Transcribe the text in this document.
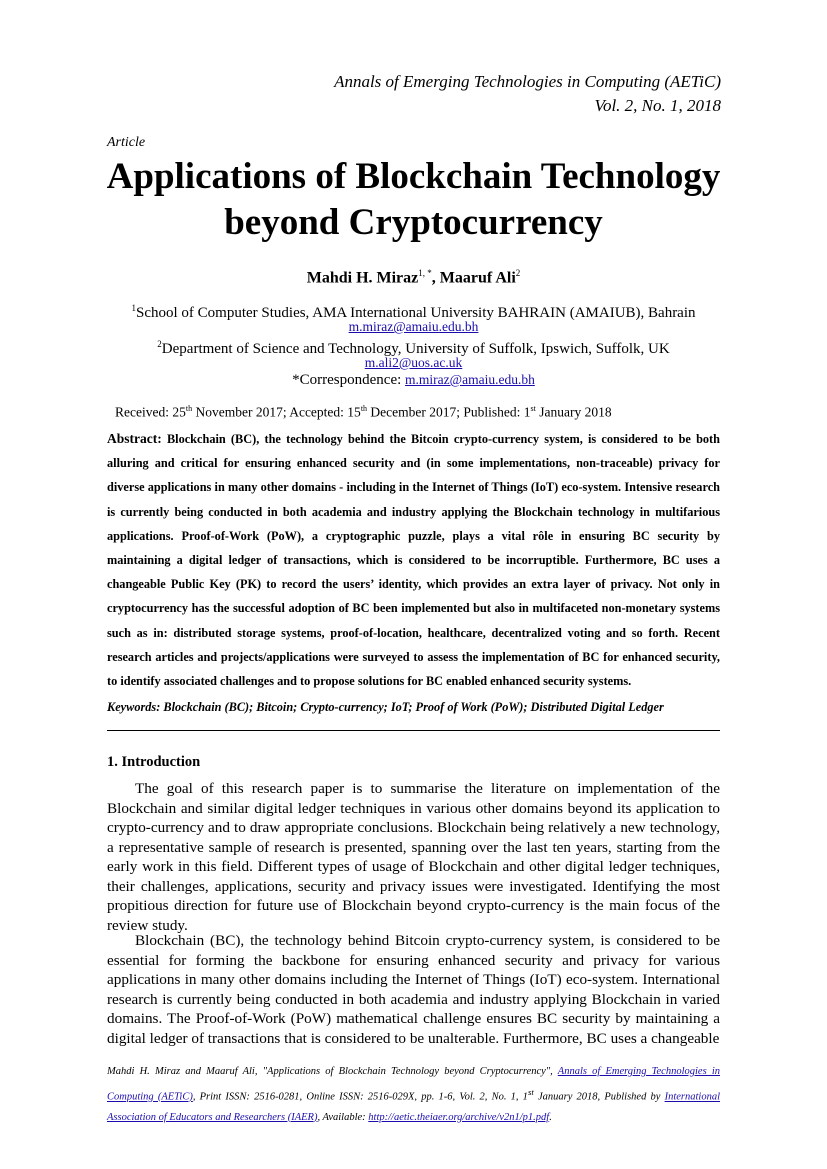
Annals of Emerging Technologies in Computing (AETiC)
Vol. 2, No. 1, 2018
Article
Applications of Blockchain Technology
beyond Cryptocurrency
Mahdi H. Miraz$^{1, *}$, Maaruf Ali$^2$
$^1$School of Computer Studies, AMA International University BAHRAIN (AMAIUB), Bahrain
m.miraz@amaiu.edu.bh
$^2$Department of Science and Technology, University of Suffolk, Ipswich, Suffolk, UK
m.ali2@uos.ac.uk
*Correspondence: m.miraz@amaiu.edu.bh
Received: 25th November 2017; Accepted: 15th December 2017; Published: 1st January 2018
Abstract: Blockchain (BC), the technology behind the Bitcoin crypto-currency system, is considered to be both alluring and critical for ensuring enhanced security and (in some implementations, non-traceable) privacy for diverse applications in many other domains - including in the Internet of Things (IoT) eco-system. Intensive research is currently being conducted in both academia and industry applying the Blockchain technology in multifarious applications. Proof-of-Work (PoW), a cryptographic puzzle, plays a vital rôle in ensuring BC security by maintaining a digital ledger of transactions, which is considered to be incorruptible. Furthermore, BC uses a changeable Public Key (PK) to record the users’ identity, which provides an extra layer of privacy. Not only in cryptocurrency has the successful adoption of BC been implemented but also in multifaceted non-monetary systems such as in: distributed storage systems, proof-of-location, healthcare, decentralized voting and so forth. Recent research articles and projects/applications were surveyed to assess the implementation of BC for enhanced security, to identify associated challenges and to propose solutions for BC enabled enhanced security systems.
Keywords: Blockchain (BC); Bitcoin; Crypto-currency; IoT; Proof of Work (PoW); Distributed Digital Ledger
1. Introduction

The goal of this research paper is to summarise the literature on implementation of the Blockchain and similar digital ledger techniques in various other domains beyond its application to crypto-currency and to draw appropriate conclusions. Blockchain being relatively a new technology, a representative sample of research is presented, spanning over the last ten years, starting from the early work in this field. Different types of usage of Blockchain and other digital ledger techniques, their challenges, applications, security and privacy issues were investigated. Identifying the most propitious direction for future use of Blockchain beyond crypto-currency is the main focus of the review study.

Blockchain (BC), the technology behind Bitcoin crypto-currency system, is considered to be essential for forming the backbone for ensuring enhanced security and privacy for various applications in many other domains including the Internet of Things (IoT) eco-system. International research is currently being conducted in both academia and industry applying Blockchain in varied domains. The Proof-of-Work (PoW) mathematical challenge ensures BC security by maintaining a digital ledger of transactions that is considered to be unalterable. Furthermore, BC uses a changeable

Mahdi H. Miraz and Maaruf Ali, "Applications of Blockchain Technology beyond Cryptocurrency", Annals of Emerging Technologies in Computing (AETiC), Print ISSN: 2516-0281, Online ISSN: 2516-029X, pp. 1-6, Vol. 2, No. 1, 1st January 2018, Published by International Association of Educators and Researchers (IAER), Available: http://aetic.theiaer.org/archive/v2n1/p1.pdf.
